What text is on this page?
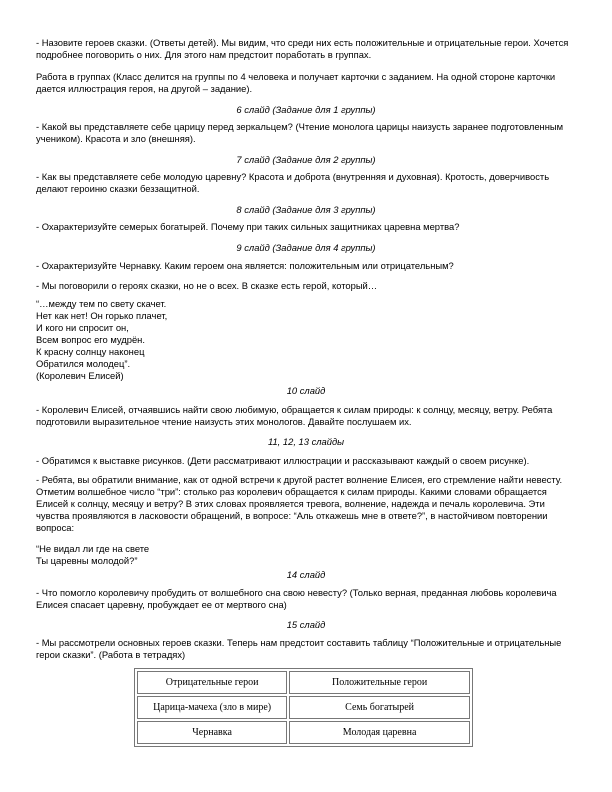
- Назовите героев сказки. (Ответы детей). Мы видим, что среди них есть положительные и отрицательные герои. Хочется подробнее поговорить о них. Для этого нам предстоит поработать в группах.

Работа в группах (Класс делится на группы по 4 человека и получает карточки с заданием. На одной стороне карточки дается иллюстрация героя, на другой – задание).

6 слайд (Задание для 1 группы)

- Какой вы представляете себе царицу перед зеркальцем? (Чтение монолога царицы наизусть заранее подготовленным учеником). Красота и зло (внешняя).

7 слайд (Задание для 2 группы)

- Как вы представляете себе молодую царевну? Красота и доброта (внутренняя и духовная). Кротость, доверчивость делают героиню сказки беззащитной.

8 слайд (Задание для 3 группы)

- Охарактеризуйте семерых богатырей. Почему при таких сильных защитниках царевна мертва?

9 слайд (Задание для 4 группы)

- Охарактеризуйте Чернавку. Каким героем она является: положительным или отрицательным?

- Мы поговорили о героях сказки, но не о всех. В сказке есть герой, который…

“…между тем по свету скачет.
Нет как нет! Он горько плачет,
И кого ни спросит он,
Всем вопрос его мудрён.
К красну солнцу наконец
Обратился молодец”.
(Королевич Елисей)

10 слайд

- Королевич Елисей, отчаявшись найти свою любимую, обращается к силам природы: к солнцу, месяцу, ветру. Ребята подготовили выразительное чтение наизусть этих монологов. Давайте послушаем их.

11, 12, 13 слайды

- Обратимся к выставке рисунков. (Дети рассматривают иллюстрации и рассказывают каждый о своем рисунке).

- Ребята, вы обратили внимание, как от одной встречи к другой растет волнение Елисея, его стремление найти невесту. Отметим волшебное число “три”: столько раз королевич обращается к силам природы. Какими словами обращается Елисей к солнцу, месяцу и ветру? В этих словах проявляется тревога, волнение, надежда и печаль королевича. Эти чувства проявляются в ласковости обращений, в вопросе: “Аль откажешь мне в ответе?”, в настойчивом повторении вопроса:

“Не видал ли где на свете
Ты царевны молодой?”

14 слайд

- Что помогло королевичу пробудить от волшебного сна свою невесту? (Только верная, преданная любовь королевича Елисея спасает царевну, пробуждает ее от мертвого сна)

15 слайд

- Мы рассмотрели основных героев сказки. Теперь нам предстоит составить таблицу “Положительные и отрицательные герои сказки”. (Работа в тетрадях)

Отрицательные герои	Положительные герои
Царица-мачеха (зло в мире)	Семь богатырей
Чернавка	Молодая царевна
